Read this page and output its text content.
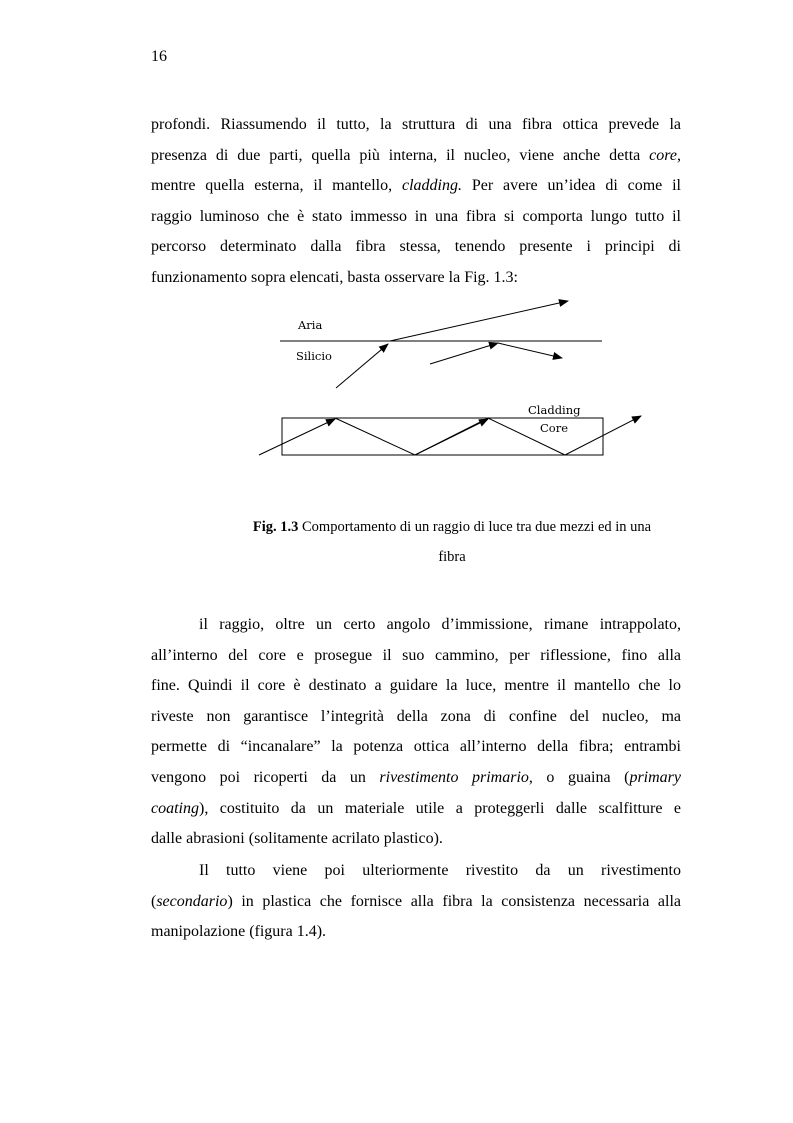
16
profondi. Riassumendo il tutto, la struttura di una fibra ottica prevede la
presenza di due parti, quella più interna, il nucleo, viene anche detta core,
mentre quella esterna, il mantello, cladding. Per avere un’idea di come il
raggio luminoso che è stato immesso in una fibra si comporta lungo tutto il
percorso determinato dalla fibra stessa, tenendo presente i principi di
funzionamento sopra elencati, basta osservare la Fig. 1.3:
Aria
Silicio
Cladding
Core
Fig. 1.3 Comportamento di un raggio di luce tra due mezzi ed in una
fibra
il raggio, oltre un certo angolo d’immissione, rimane intrappolato,
all’interno del core e prosegue il suo cammino, per riflessione, fino alla
fine. Quindi il core è destinato a guidare la luce, mentre il mantello che lo
riveste non garantisce l’integrità della zona di confine del nucleo, ma
permette di “incanalare” la potenza ottica all’interno della fibra; entrambi
vengono poi ricoperti da un rivestimento primario, o guaina (primary
coating), costituito da un materiale utile a proteggerli dalle scalfitture e
dalle abrasioni (solitamente acrilato plastico).
Il tutto viene poi ulteriormente rivestito da un rivestimento
(secondario) in plastica che fornisce alla fibra la consistenza necessaria alla
manipolazione (figura 1.4).
